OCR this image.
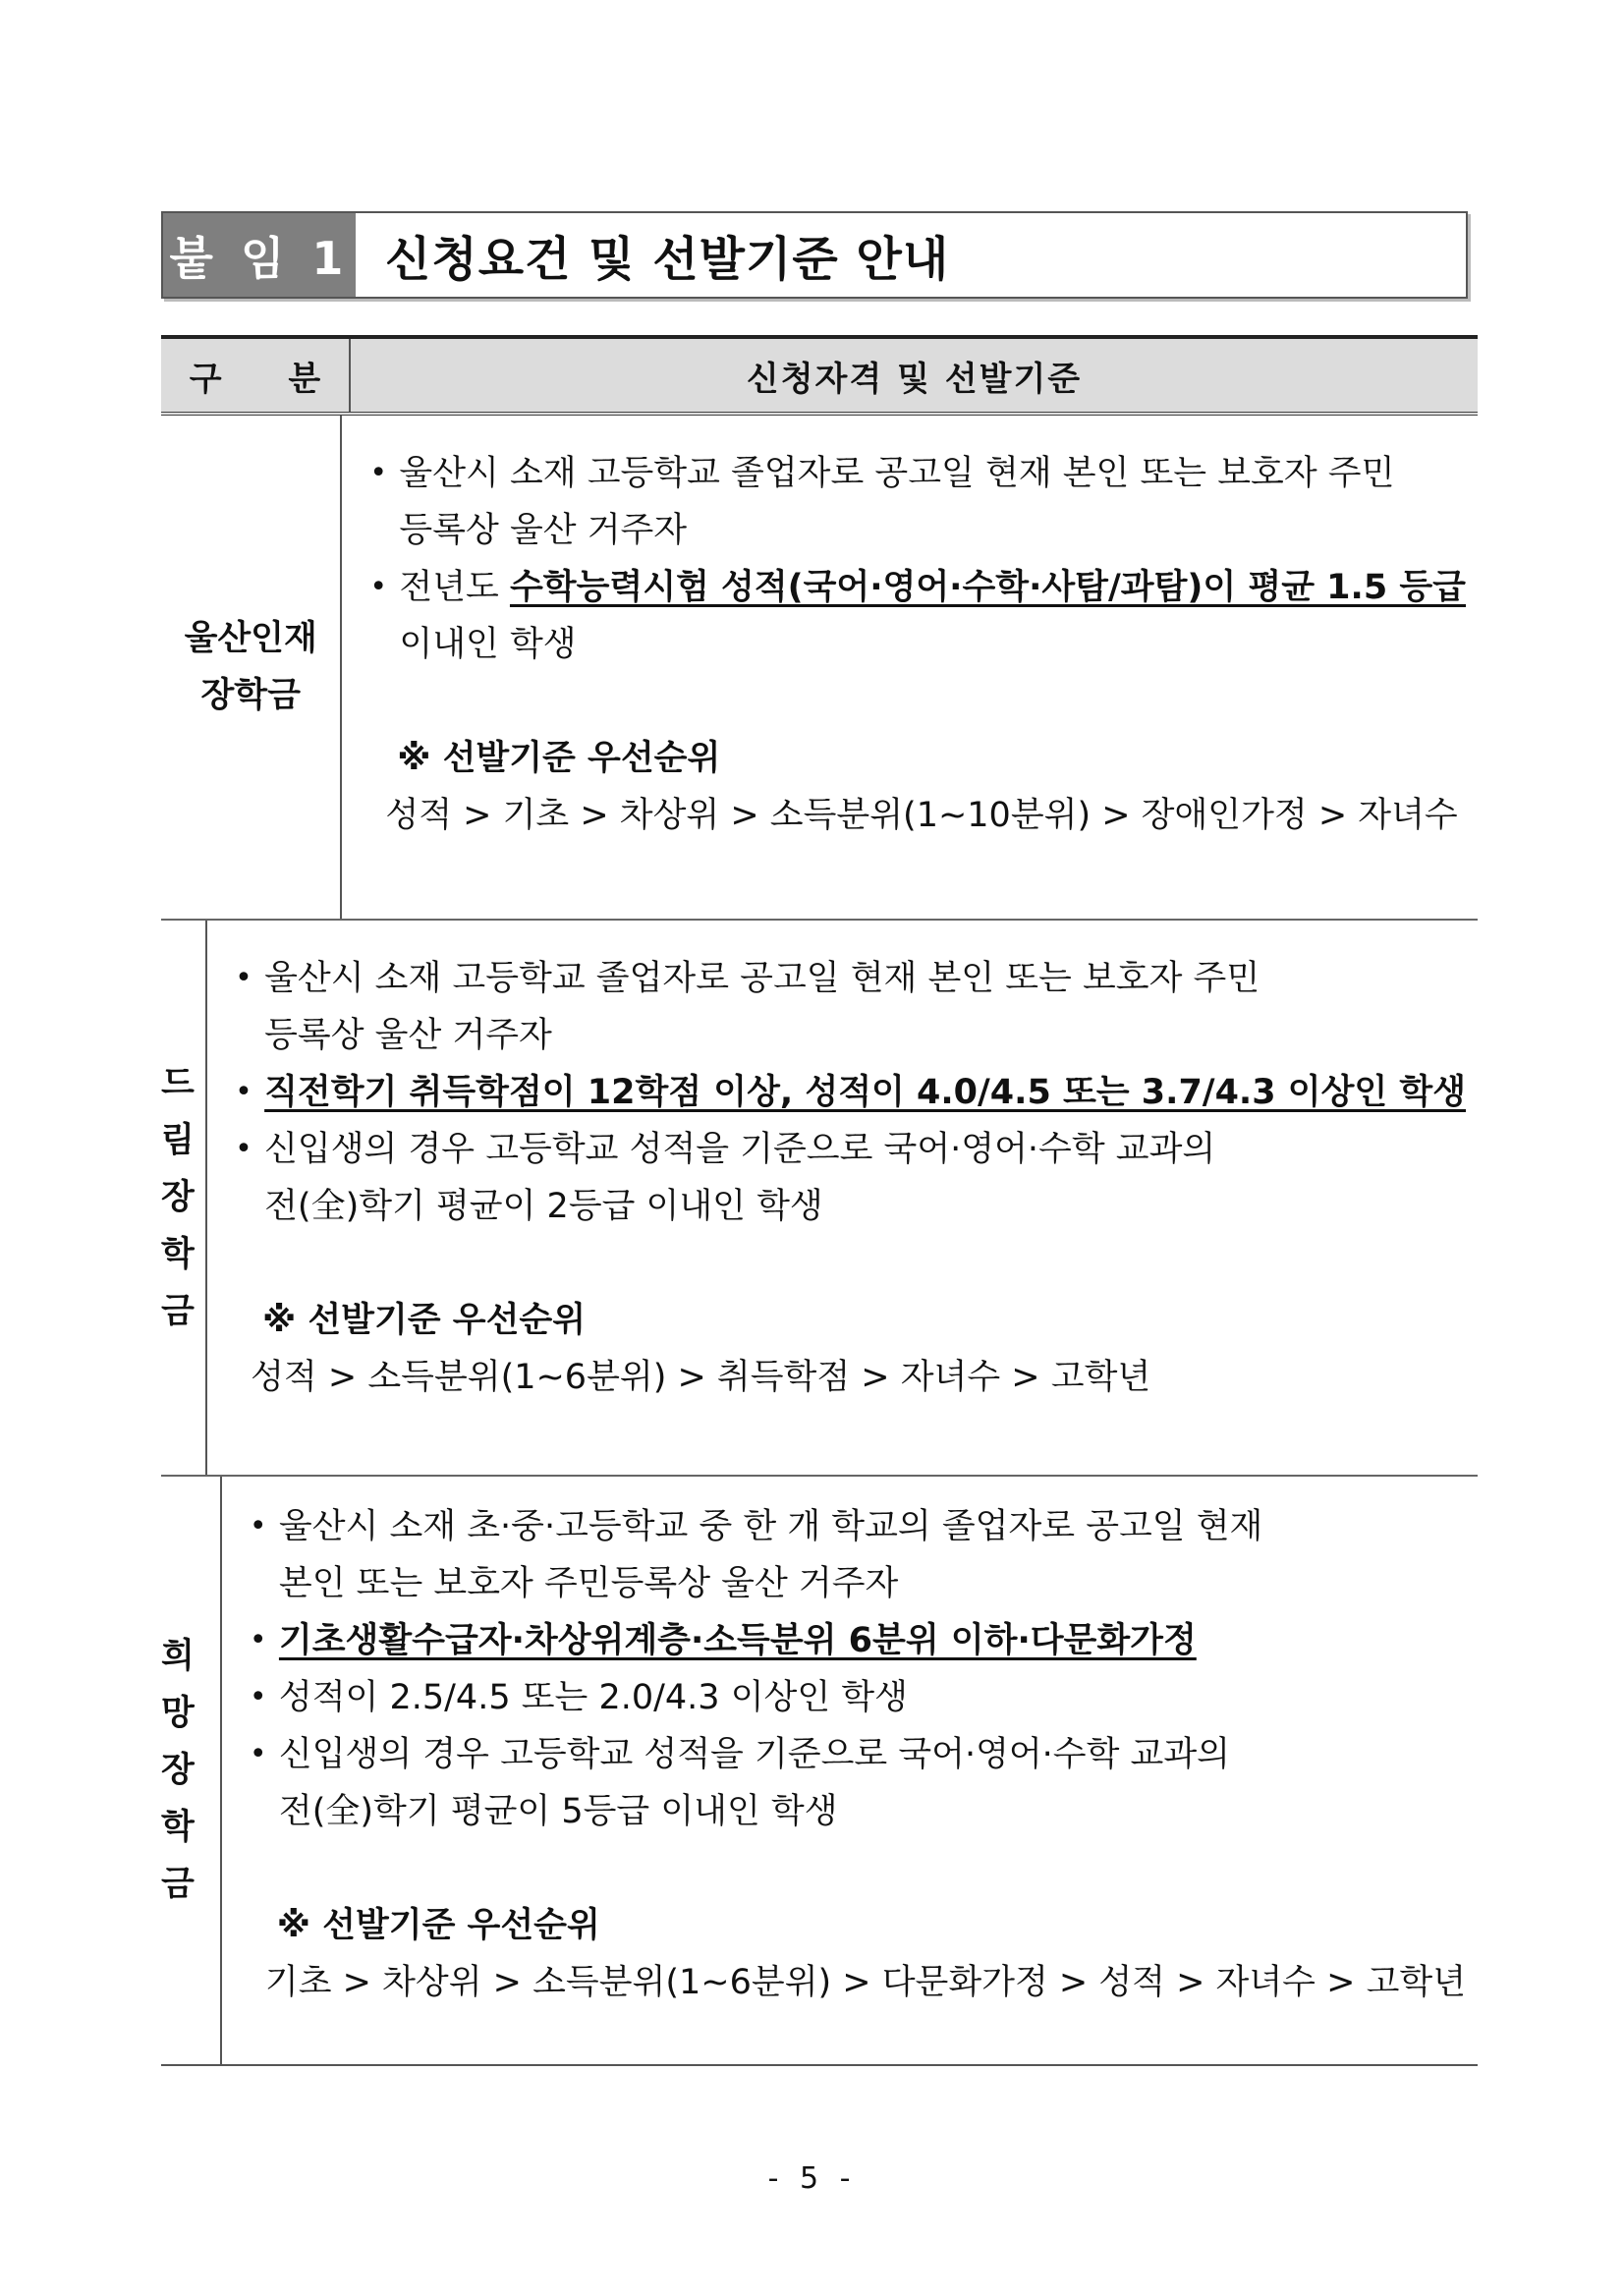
붙 임 1 신청요건 및 선발기준 안내
구 분	신청자격 및 선발기준
울산인재
장학금
• 울산시 소재 고등학교 졸업자로 공고일 현재 본인 또는 보호자 주민
등록상 울산 거주자
• 전년도 수학능력시험 성적(국어·영어·수학·사탐/과탐)이 평균 1.5 등급
이내인 학생
※ 선발기준 우선순위
성적 > 기초 > 차상위 > 소득분위(1~10분위) > 장애인가정 > 자녀수
드림
장학금
• 울산시 소재 고등학교 졸업자로 공고일 현재 본인 또는 보호자 주민
등록상 울산 거주자
• 직전학기 취득학점이 12학점 이상, 성적이 4.0/4.5 또는 3.7/4.3 이상인 학생
• 신입생의 경우 고등학교 성적을 기준으로 국어·영어·수학 교과의
전(全)학기 평균이 2등급 이내인 학생
※ 선발기준 우선순위
성적 > 소득분위(1~6분위) > 취득학점 > 자녀수 > 고학년
희망
장학금
• 울산시 소재 초·중·고등학교 중 한 개 학교의 졸업자로 공고일 현재
본인 또는 보호자 주민등록상 울산 거주자
• 기초생활수급자·차상위계층·소득분위 6분위 이하·다문화가정
• 성적이 2.5/4.5 또는 2.0/4.3 이상인 학생
• 신입생의 경우 고등학교 성적을 기준으로 국어·영어·수학 교과의
전(全)학기 평균이 5등급 이내인 학생
※ 선발기준 우선순위
기초 > 차상위 > 소득분위(1~6분위) > 다문화가정 > 성적 > 자녀수 > 고학년
- 5 -
